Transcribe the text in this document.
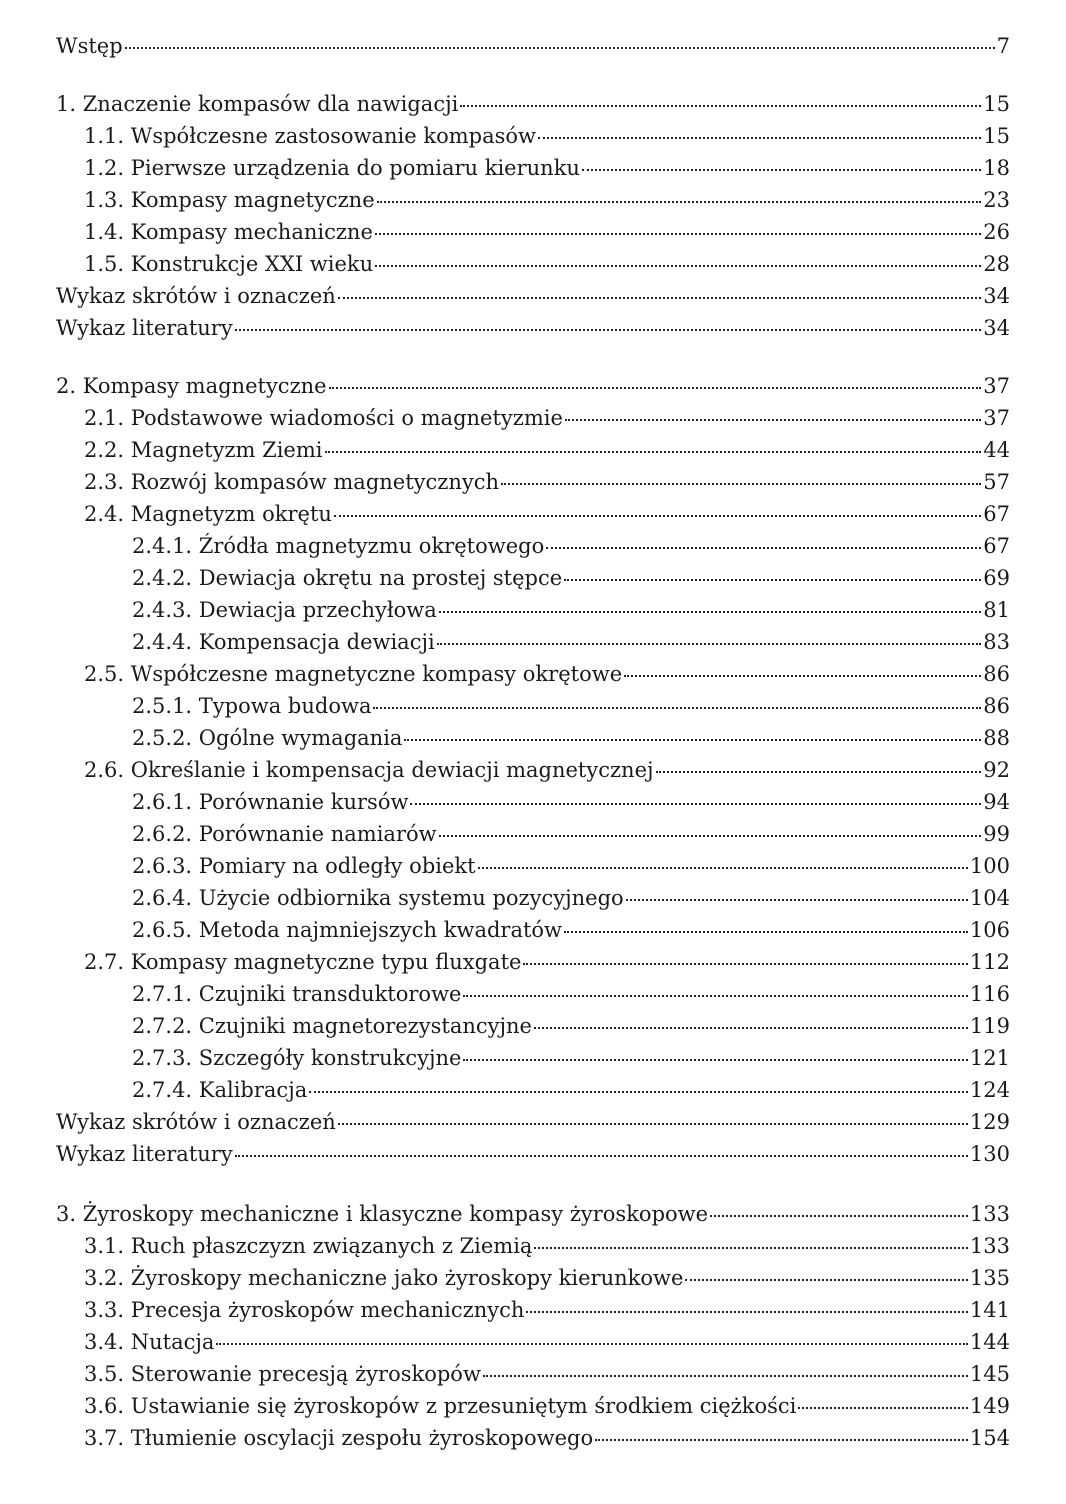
Wstęp	7
1. Znaczenie kompasów dla nawigacji	15
1.1. Współczesne zastosowanie kompasów	15
1.2. Pierwsze urządzenia do pomiaru kierunku	18
1.3. Kompasy magnetyczne	23
1.4. Kompasy mechaniczne	26
1.5. Konstrukcje XXI wieku	28
Wykaz skrótów i oznaczeń	34
Wykaz literatury	34
2. Kompasy magnetyczne	37
2.1. Podstawowe wiadomości o magnetyzmie	37
2.2. Magnetyzm Ziemi	44
2.3. Rozwój kompasów magnetycznych	57
2.4. Magnetyzm okrętu	67
2.4.1. Źródła magnetyzmu okrętowego	67
2.4.2. Dewiacja okrętu na prostej stępce	69
2.4.3. Dewiacja przechyłowa	81
2.4.4. Kompensacja dewiacji	83
2.5. Współczesne magnetyczne kompasy okrętowe	86
2.5.1. Typowa budowa	86
2.5.2. Ogólne wymagania	88
2.6. Określanie i kompensacja dewiacji magnetycznej	92
2.6.1. Porównanie kursów	94
2.6.2. Porównanie namiarów	99
2.6.3. Pomiary na odległy obiekt	100
2.6.4. Użycie odbiornika systemu pozycyjnego	104
2.6.5. Metoda najmniejszych kwadratów	106
2.7. Kompasy magnetyczne typu fluxgate	112
2.7.1. Czujniki transduktorowe	116
2.7.2. Czujniki magnetorezystancyjne	119
2.7.3. Szczegóły konstrukcyjne	121
2.7.4. Kalibracja	124
Wykaz skrótów i oznaczeń	129
Wykaz literatury	130
3. Żyroskopy mechaniczne i klasyczne kompasy żyroskopowe	133
3.1. Ruch płaszczyzn związanych z Ziemią	133
3.2. Żyroskopy mechaniczne jako żyroskopy kierunkowe	135
3.3. Precesja żyroskopów mechanicznych	141
3.4. Nutacja	144
3.5. Sterowanie precesją żyroskopów	145
3.6. Ustawianie się żyroskopów z przesuniętym środkiem ciężkości	149
3.7. Tłumienie oscylacji zespołu żyroskopowego	154
